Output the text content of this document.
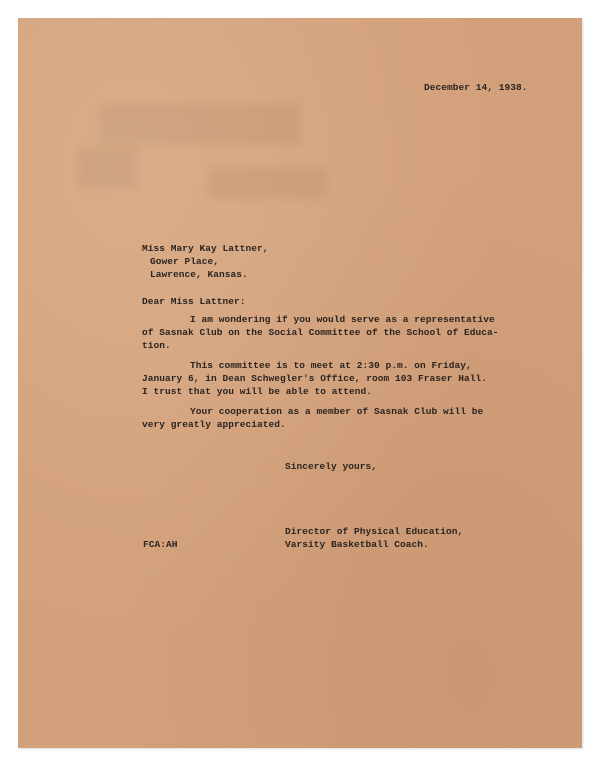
December 14, 1938.
Miss Mary Kay Lattner,
Gower Place,
Lawrence, Kansas.
Dear Miss Lattner:
I am wondering if you would serve as a representative
of Sasnak Club on the Social Committee of the School of Educa-
tion.
This committee is to meet at 2:30 p.m. on Friday,
January 6, in Dean Schwegler's Office, room 103 Fraser Hall.
I trust that you will be able to attend.
Your cooperation as a member of Sasnak Club will be
very greatly appreciated.
Sincerely yours,
Director of Physical Education,
Varsity Basketball Coach.
FCA:AH
